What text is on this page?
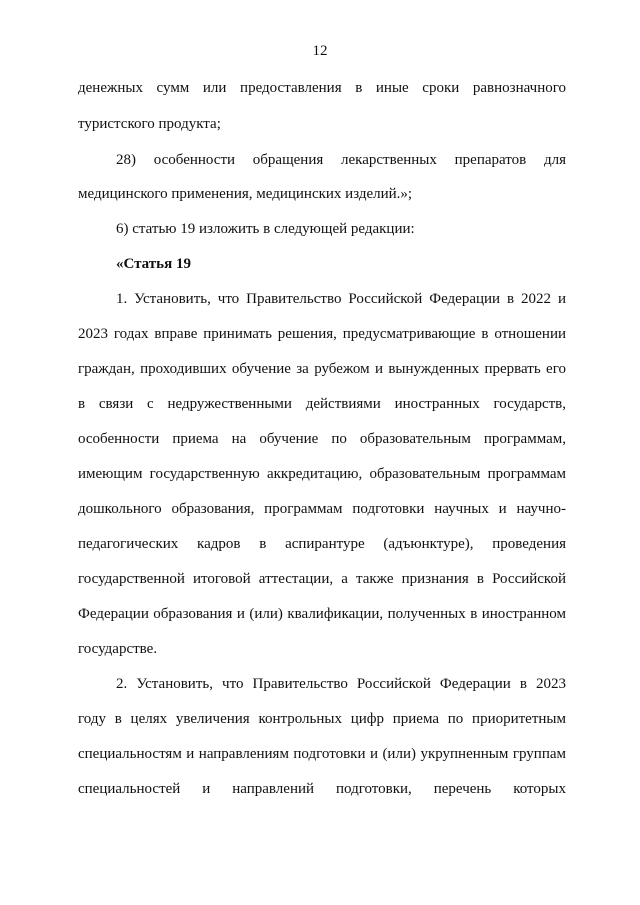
12
денежных сумм или предоставления в иные сроки равнозначного
туристского продукта;
28) особенности обращения лекарственных препаратов для
медицинского применения, медицинских изделий.»;
6) статью 19 изложить в следующей редакции:
«Статья 19
1. Установить, что Правительство Российской Федерации в 2022 и
2023 годах вправе принимать решения, предусматривающие в отношении
граждан, проходивших обучение за рубежом и вынужденных прервать его
в связи с недружественными действиями иностранных государств,
особенности приема на обучение по образовательным программам,
имеющим государственную аккредитацию, образовательным программам
дошкольного образования, программам подготовки научных и научно-
педагогических кадров в аспирантуре (адъюнктуре), проведения
государственной итоговой аттестации, а также признания в Российской
Федерации образования и (или) квалификации, полученных в иностранном
государстве.
2. Установить, что Правительство Российской Федерации в 2023
году в целях увеличения контрольных цифр приема по приоритетным
специальностям и направлениям подготовки и (или) укрупненным группам
специальностей и направлений подготовки, перечень которых
